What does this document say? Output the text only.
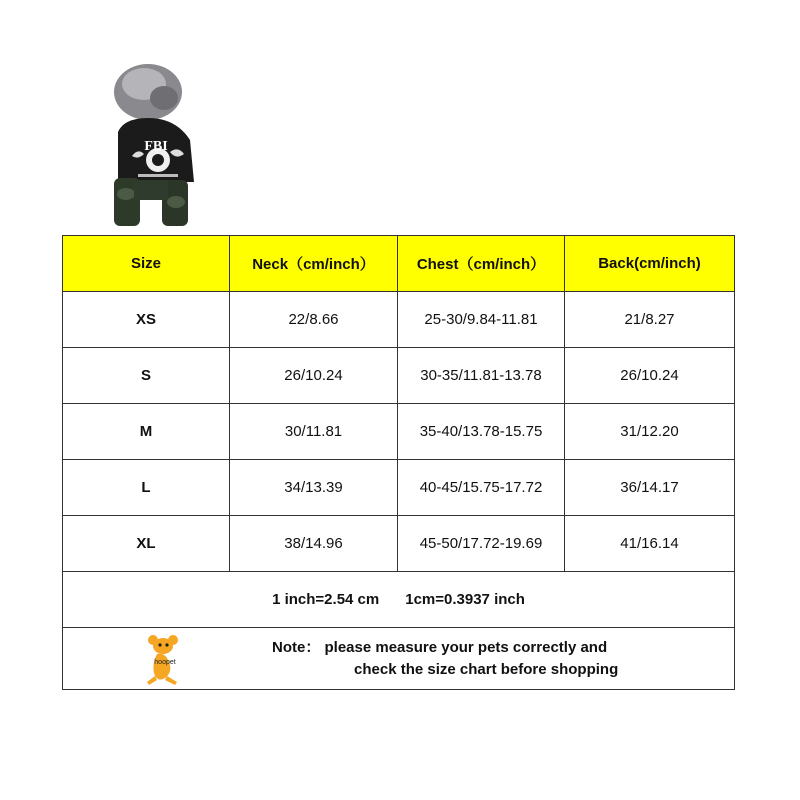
FBI
Size	Neck（cm/inch）	Chest（cm/inch）	Back(cm/inch)
XS	22/8.66	25-30/9.84-11.81	21/8.27
S	26/10.24	30-35/11.81-13.78	26/10.24
M	30/11.81	35-40/13.78-15.75	31/12.20
L	34/13.39	40-45/15.75-17.72	36/14.17
XL	38/14.96	45-50/17.72-19.69	41/16.14
1 inch=2.54 cm 1cm=0.3937 inch			

hoopet
Note： please measure your pets correctly and
check the size chart before shopping			
